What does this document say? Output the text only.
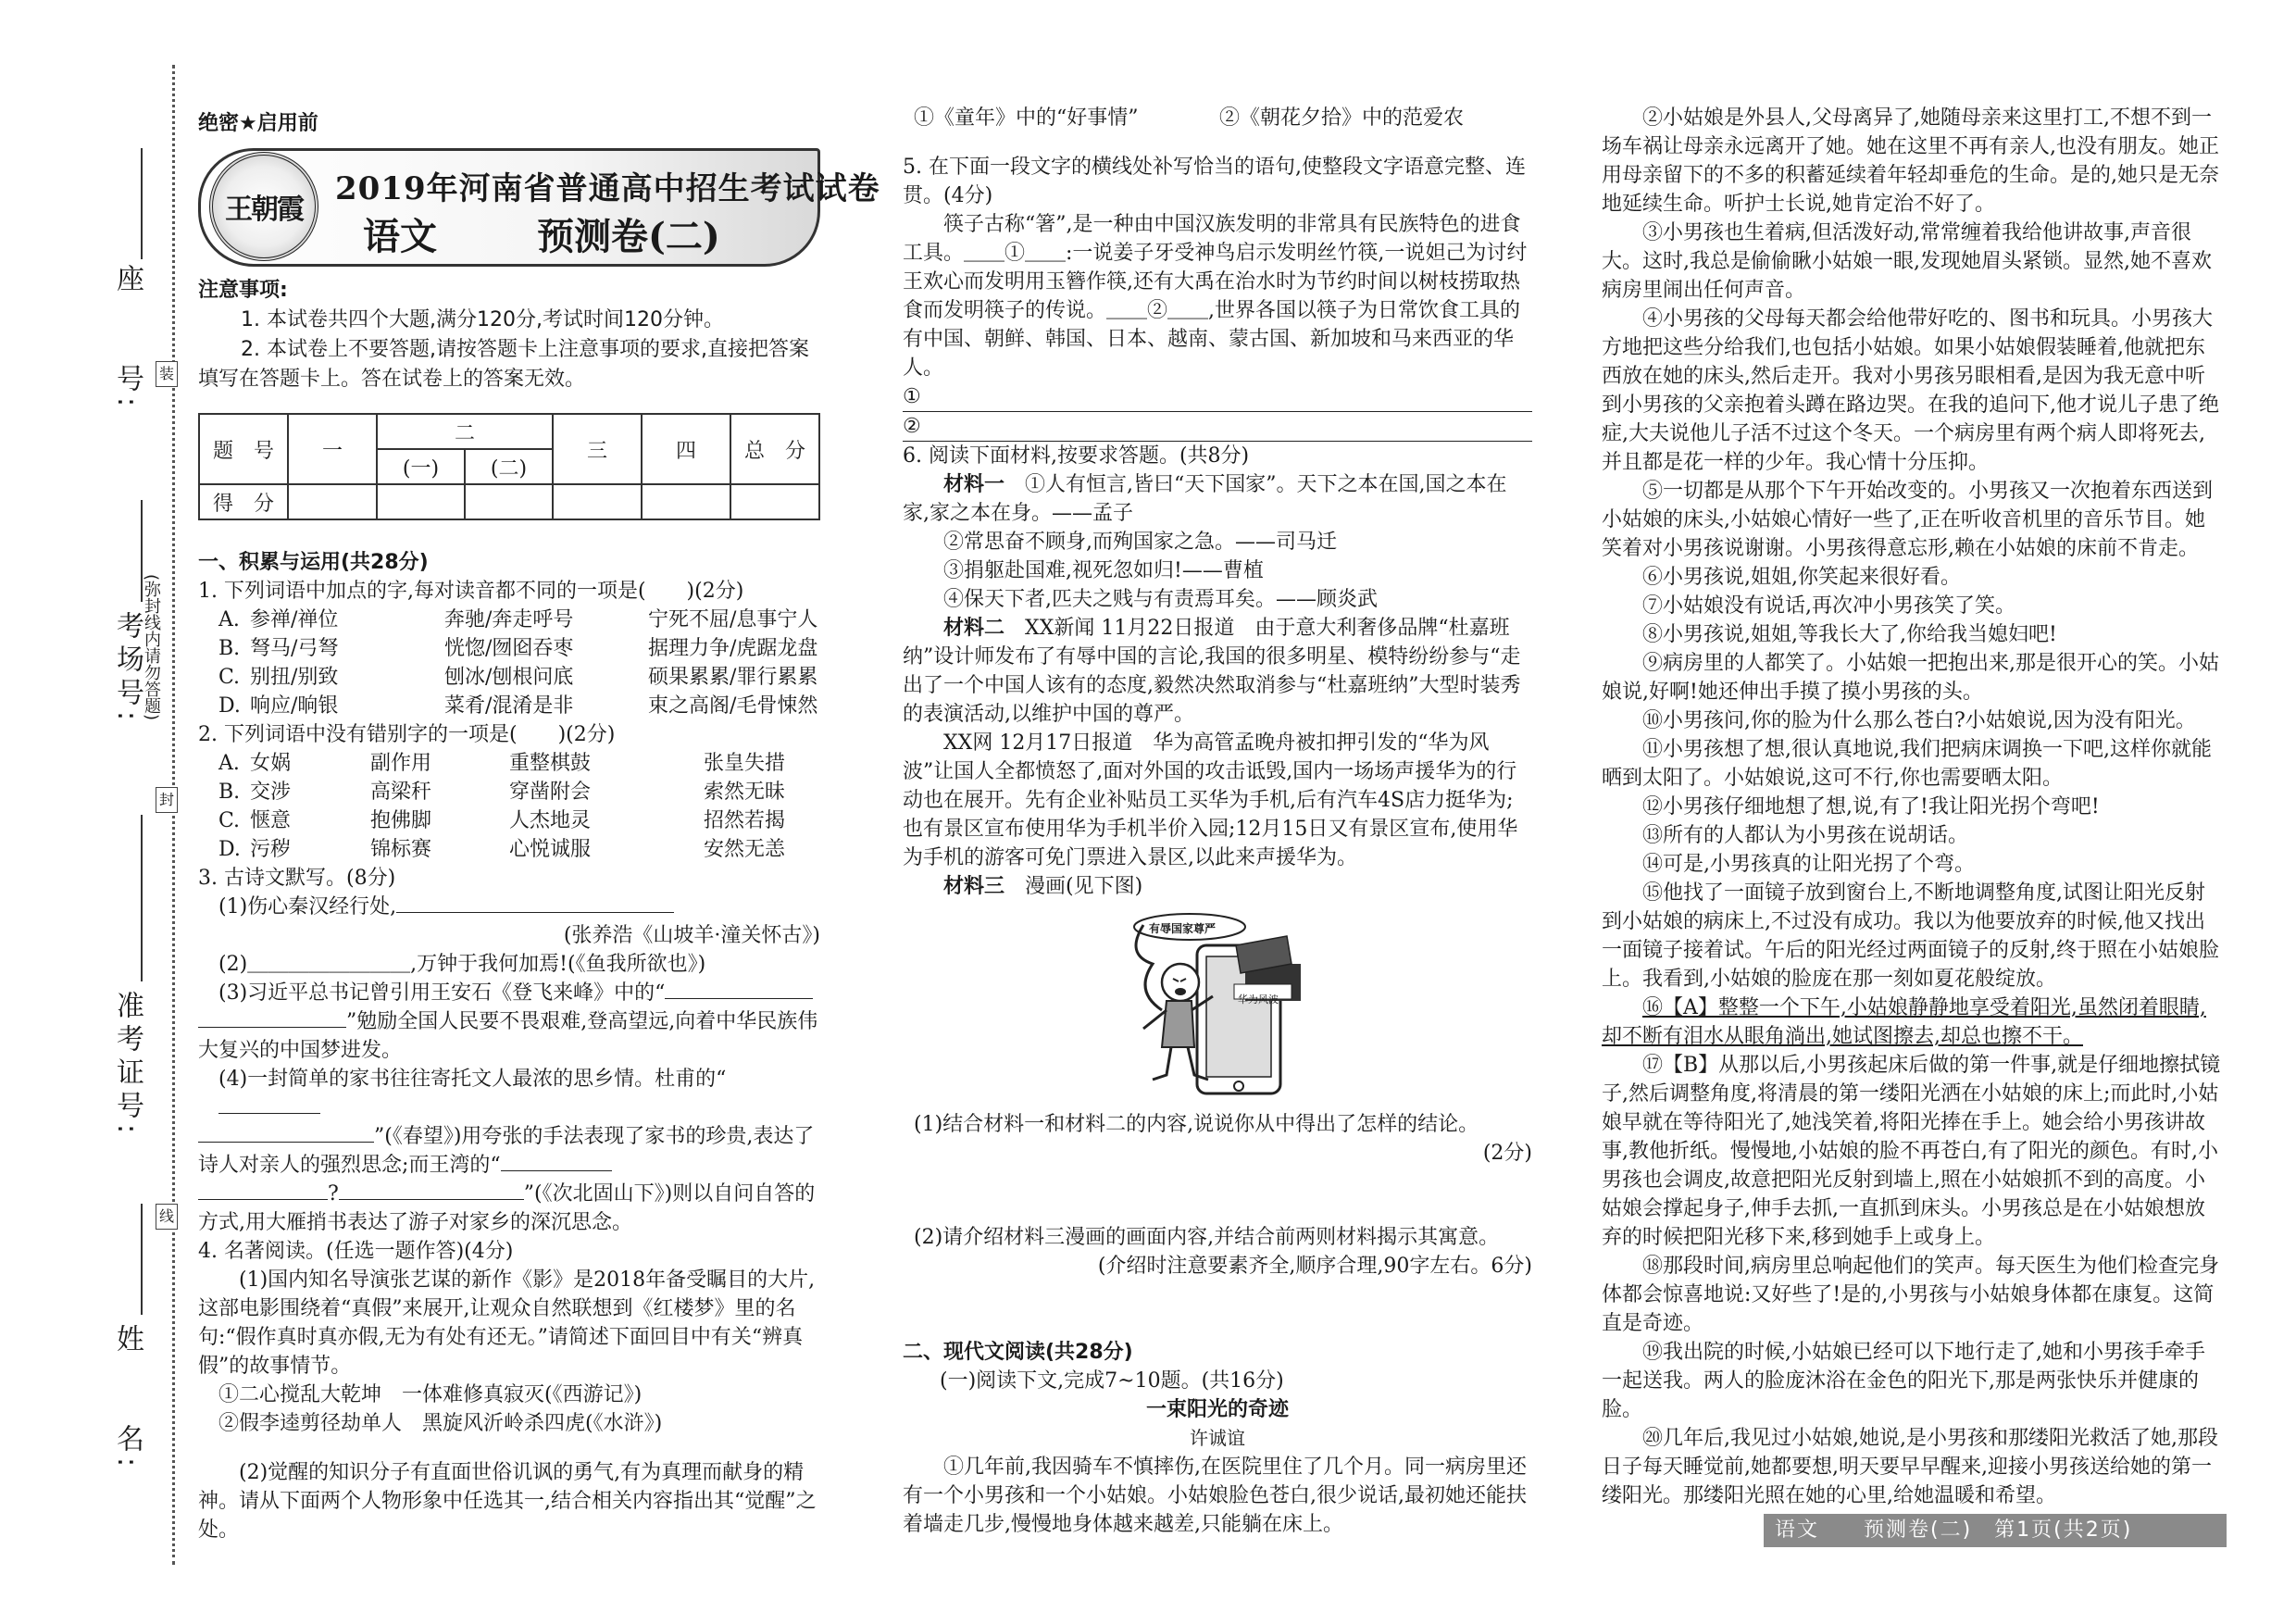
座　　号: 装
考场号:
(弥封线内请勿答题)
封
准考证号:
线
姓　　名:
绝密★启用前
王朝霞
2019年河南省普通高中招生考试试卷
语文	预测卷(二)
注意事项:

1. 本试卷共四个大题,满分120分,考试时间120分钟。

2. 本试卷上不要答题,请按答题卡上注意事项的要求,直接把答案填写在答题卡上。答在试卷上的答案无效。

题　号	一	二		三	四	总　分
		(一)	(二)			
得　分						
一、积累与运用(共28分)
1. 下列词语中加点的字,每对读音都不同的一项是(　　)(2分)
A. 参禅/禅位	奔驰/奔走呼号	宁死不屈/息事宁人
B. 弩马/弓弩	恍惚/囫囵吞枣	据理力争/虎踞龙盘
C. 别扭/别致	刨冰/刨根问底	硕果累累/罪行累累
D. 响应/晌银	菜肴/混淆是非	束之高阁/毛骨悚然
2. 下列词语中没有错别字的一项是(　　)(2分)
A. 女娲	副作用	重整棋鼓	张皇失措
B. 交涉	高梁秆	穿凿附会	索然无昧
C. 惬意	抱佛脚	人杰地灵	招然若揭
D. 污秽	锦标赛	心悦诚服	安然无恙
3. 古诗文默写。(8分)
(1)伤心秦汉经行处,
(张养浩《山坡羊·潼关怀古》)
(2)＿＿＿＿＿＿＿＿,万钟于我何加焉!(《鱼我所欲也》)
(3)习近平总书记曾引用王安石《登飞来峰》中的“
”勉励全国人民要不畏艰难,登高望远,向着中华民族伟大复兴的中国梦进发。
(4)一封简单的家书往往寄托文人最浓的思乡情。杜甫的“
”(《春望》)用夸张的手法表现了家书的珍贵,表达了诗人对亲人的强烈思念;而王湾的“
?	”(《次北固山下》)则以自问自答的方式,用大雁捎书表达了游子对家乡的深沉思念。
4. 名著阅读。(任选一题作答)(4分)
(1)国内知名导演张艺谋的新作《影》是2018年备受瞩目的大片,这部电影围绕着“真假”来展开,让观众自然联想到《红楼梦》里的名句:“假作真时真亦假,无为有处有还无。”请简述下面回目中有关“辨真假”的故事情节。
①二心搅乱大乾坤　一体难修真寂灭(《西游记》)
②假李逵剪径劫单人　黑旋风沂岭杀四虎(《水浒》)
(2)觉醒的知识分子有直面世俗讥讽的勇气,有为真理而献身的精神。请从下面两个人物形象中任选其一,结合相关内容指出其“觉醒”之处。
①《童年》中的“好事情”	②《朝花夕拾》中的范爱农
5. 在下面一段文字的横线处补写恰当的语句,使整段文字语意完整、连贯。(4分)
筷子古称“箸”,是一种由中国汉族发明的非常具有民族特色的进食工具。＿＿①＿＿:一说姜子牙受神鸟启示发明丝竹筷,一说妲己为讨纣王欢心而发明用玉簪作筷,还有大禹在治水时为节约时间以树枝捞取热食而发明筷子的传说。＿＿②＿＿,世界各国以筷子为日常饮食工具的有中国、朝鲜、韩国、日本、越南、蒙古国、新加坡和马来西亚的华人。
①
②
6. 阅读下面材料,按要求答题。(共8分)
材料一　 ①人有恒言,皆曰“天下国家”。天下之本在国,国之本在家,家之本在身。——孟子
②常思奋不顾身,而殉国家之急。——司马迁
③捐躯赴国难,视死忽如归!——曹植
④保天下者,匹夫之贱与有责焉耳矣。——顾炎武
材料二　 XX新闻 11月22日报道　由于意大利奢侈品牌“杜嘉班纳”设计师发布了有辱中国的言论,我国的很多明星、模特纷纷参与“走出了一个中国人该有的态度,毅然决然取消参与“杜嘉班纳”大型时装秀的表演活动,以维护中国的尊严。
XX网 12月17日报道　华为高管孟晚舟被扣押引发的“华为风波”让国人全都愤怒了,面对外国的攻击诋毁,国内一场场声援华为的行动也在展开。先有企业补贴员工买华为手机,后有汽车4S店力挺华为;也有景区宣布使用华为手机半价入园;12月15日又有景区宣布,使用华为手机的游客可免门票进入景区,以此来声援华为。
材料三　 漫画(见下图)
有辱国家尊严
华为风波
(1)结合材料一和材料二的内容,说说你从中得出了怎样的结论。
(2分)
(2)请介绍材料三漫画的画面内容,并结合前两则材料揭示其寓意。
(介绍时注意要素齐全,顺序合理,90字左右。6分)
二、现代文阅读(共28分)
(一)阅读下文,完成7~10题。(共16分)
一束阳光的奇迹
许诚谊
①几年前,我因骑车不慎摔伤,在医院里住了几个月。同一病房里还有一个小男孩和一个小姑娘。小姑娘脸色苍白,很少说话,最初她还能扶着墙走几步,慢慢地身体越来越差,只能躺在床上。

②小姑娘是外县人,父母离异了,她随母亲来这里打工,不想不到一场车祸让母亲永远离开了她。她在这里不再有亲人,也没有朋友。她正用母亲留下的不多的积蓄延续着年轻却垂危的生命。是的,她只是无奈地延续生命。听护士长说,她肯定治不好了。

③小男孩也生着病,但活泼好动,常常缠着我给他讲故事,声音很大。这时,我总是偷偷瞅小姑娘一眼,发现她眉头紧锁。显然,她不喜欢病房里闹出任何声音。

④小男孩的父母每天都会给他带好吃的、图书和玩具。小男孩大方地把这些分给我们,也包括小姑娘。如果小姑娘假装睡着,他就把东西放在她的床头,然后走开。我对小男孩另眼相看,是因为我无意中听到小男孩的父亲抱着头蹲在路边哭。在我的追问下,他才说儿子患了绝症,大夫说他儿子活不过这个冬天。一个病房里有两个病人即将死去,并且都是花一样的少年。我心情十分压抑。

⑤一切都是从那个下午开始改变的。小男孩又一次抱着东西送到小姑娘的床头,小姑娘心情好一些了,正在听收音机里的音乐节目。她笑着对小男孩说谢谢。小男孩得意忘形,赖在小姑娘的床前不肯走。

⑥小男孩说,姐姐,你笑起来很好看。

⑦小姑娘没有说话,再次冲小男孩笑了笑。

⑧小男孩说,姐姐,等我长大了,你给我当媳妇吧!

⑨病房里的人都笑了。小姑娘一把抱出来,那是很开心的笑。小姑娘说,好啊!她还伸出手摸了摸小男孩的头。

⑩小男孩问,你的脸为什么那么苍白?小姑娘说,因为没有阳光。

⑪小男孩想了想,很认真地说,我们把病床调换一下吧,这样你就能晒到太阳了。小姑娘说,这可不行,你也需要晒太阳。

⑫小男孩仔细地想了想,说,有了!我让阳光拐个弯吧!

⑬所有的人都认为小男孩在说胡话。

⑭可是,小男孩真的让阳光拐了个弯。

⑮他找了一面镜子放到窗台上,不断地调整角度,试图让阳光反射到小姑娘的病床上,不过没有成功。我以为他要放弃的时候,他又找出一面镜子接着试。午后的阳光经过两面镜子的反射,终于照在小姑娘脸上。我看到,小姑娘的脸庞在那一刻如夏花般绽放。

⑯【A】整整一个下午,小姑娘静静地享受着阳光,虽然闭着眼睛,却不断有泪水从眼角淌出,她试图擦去,却总也擦不干。

⑰【B】从那以后,小男孩起床后做的第一件事,就是仔细地擦拭镜子,然后调整角度,将清晨的第一缕阳光洒在小姑娘的床上;而此时,小姑娘早就在等待阳光了,她浅笑着,将阳光捧在手上。她会给小男孩讲故事,教他折纸。慢慢地,小姑娘的脸不再苍白,有了阳光的颜色。有时,小男孩也会调皮,故意把阳光反射到墙上,照在小姑娘抓不到的高度。小姑娘会撑起身子,伸手去抓,一直抓到床头。小男孩总是在小姑娘想放弃的时候把阳光移下来,移到她手上或身上。

⑱那段时间,病房里总响起他们的笑声。每天医生为他们检查完身体都会惊喜地说:又好些了!是的,小男孩与小姑娘身体都在康复。这简直是奇迹。

⑲我出院的时候,小姑娘已经可以下地行走了,她和小男孩手牵手一起送我。两人的脸庞沐浴在金色的阳光下,那是两张快乐并健康的脸。

⑳几年后,我见过小姑娘,她说,是小男孩和那缕阳光救活了她,那段日子每天睡觉前,她都要想,明天要早早醒来,迎接小男孩送给她的第一缕阳光。那缕阳光照在她的心里,给她温暖和希望。

语文　　预测卷(二)　第1页(共2页)
